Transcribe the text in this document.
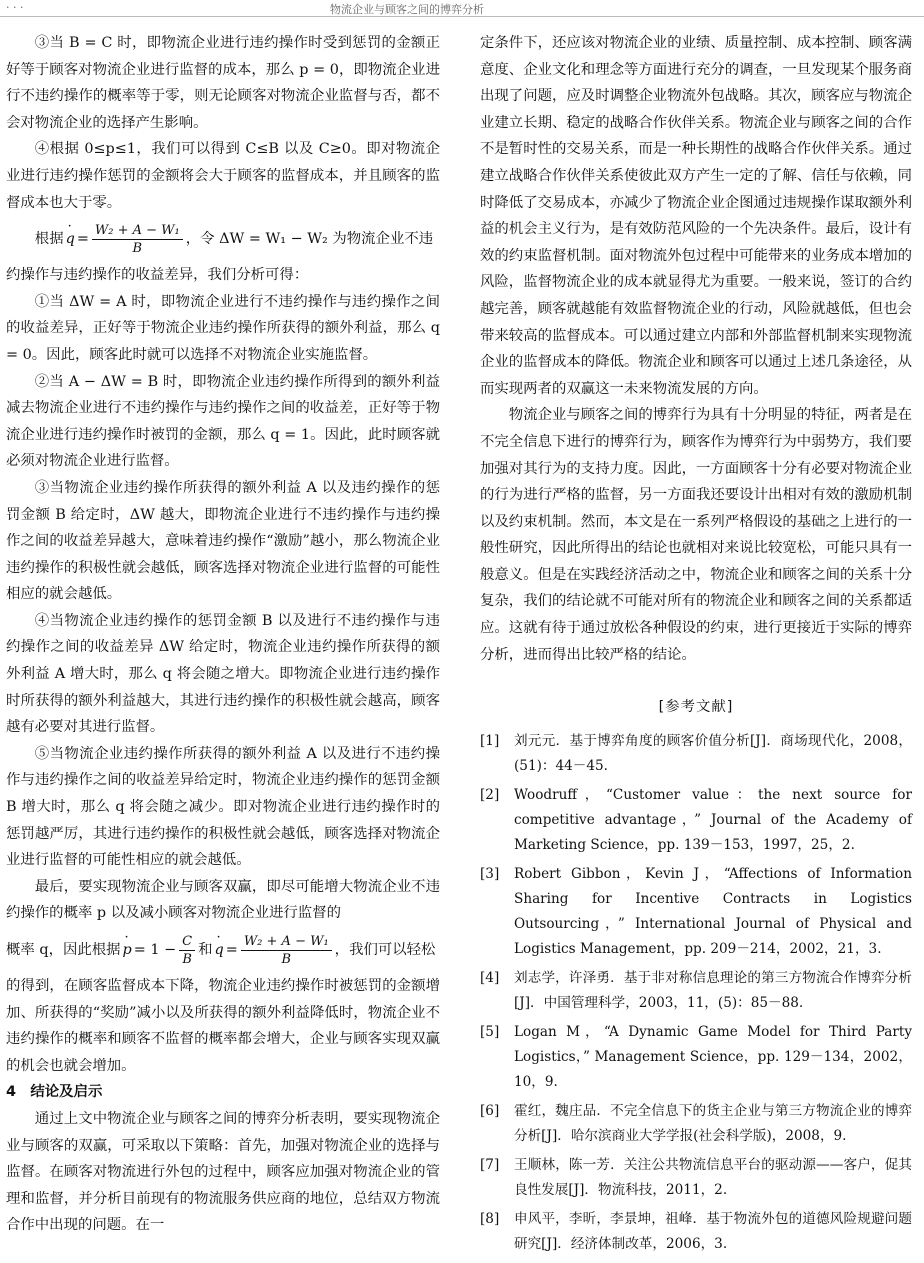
· · ·	物流企业与顾客之间的博弈分析

③当 B = C 时，即物流企业进行违约操作时受到惩罚的金额正好等于顾客对物流企业进行监督的成本，那么 p = 0，即物流企业进行不违约操作的概率等于零，则无论顾客对物流企业监督与否，都不会对物流企业的选择产生影响。

④根据 0≤p≤1，我们可以得到 C≤B 以及 C≥0。即对物流企业进行违约操作惩罚的金额将会大于顾客的监督成本，并且顾客的监督成本也大于零。

根据 · $q = \frac{\text{W₂ + A − W₁}}{B}$ ，令 ΔW = W₁ − W₂ 为物流企业不违

约操作与违约操作的收益差异，我们分析可得：

①当 ΔW = A 时，即物流企业进行不违约操作与违约操作之间的收益差异，正好等于物流企业违约操作所获得的额外利益，那么 q = 0。因此，顾客此时就可以选择不对物流企业实施监督。

②当 A − ΔW = B 时，即物流企业违约操作所得到的额外利益减去物流企业进行不违约操作与违约操作之间的收益差，正好等于物流企业进行违约操作时被罚的金额，那么 q = 1。因此，此时顾客就必须对物流企业进行监督。

③当物流企业违约操作所获得的额外利益 A 以及违约操作的惩罚金额 B 给定时，ΔW 越大，即物流企业进行不违约操作与违约操作之间的收益差异越大，意味着违约操作“激励”越小，那么物流企业违约操作的积极性就会越低，顾客选择对物流企业进行监督的可能性相应的就会越低。

④当物流企业违约操作的惩罚金额 B 以及进行不违约操作与违约操作之间的收益差异 ΔW 给定时，物流企业违约操作所获得的额外利益 A 增大时，那么 q 将会随之增大。即物流企业进行违约操作时所获得的额外利益越大，其进行违约操作的积极性就会越高，顾客越有必要对其进行监督。

⑤当物流企业违约操作所获得的额外利益 A 以及进行不违约操作与违约操作之间的收益差异给定时，物流企业违约操作的惩罚金额 B 增大时，那么 q 将会随之减少。即对物流企业进行违约操作时的惩罚越严厉，其进行违约操作的积极性就会越低，顾客选择对物流企业进行监督的可能性相应的就会越低。

最后，要实现物流企业与顾客双赢，即尽可能增大物流企业不违约操作的概率 p 以及减小顾客对物流企业进行监督的

概率 q，因此根据 · $p = 1 - \frac{C}{B}$ 和 · $q = \frac{\text{W₂ + A − W₁}}{B}$ ，我们可以轻松

的得到，在顾客监督成本下降，物流企业违约操作时被惩罚的金额增加、所获得的“奖励”减小以及所获得的额外利益降低时，物流企业不违约操作的概率和顾客不监督的概率都会增大，企业与顾客实现双赢的机会也就会增加。

4　结论及启示

通过上文中物流企业与顾客之间的博弈分析表明，要实现物流企业与顾客的双赢，可采取以下策略：首先，加强对物流企业的选择与监督。在顾客对物流进行外包的过程中，顾客应加强对物流企业的管理和监督，并分析目前现有的物流服务供应商的地位，总结双方物流合作中出现的问题。在一

定条件下，还应该对物流企业的业绩、质量控制、成本控制、顾客满意度、企业文化和理念等方面进行充分的调查，一旦发现某个服务商出现了问题，应及时调整企业物流外包战略。其次，顾客应与物流企业建立长期、稳定的战略合作伙伴关系。物流企业与顾客之间的合作不是暂时性的交易关系，而是一种长期性的战略合作伙伴关系。通过建立战略合作伙伴关系使彼此双方产生一定的了解、信任与依赖，同时降低了交易成本，亦减少了物流企业企图通过违规操作谋取额外利益的机会主义行为，是有效防范风险的一个先决条件。最后，设计有效的约束监督机制。面对物流外包过程中可能带来的业务成本增加的风险，监督物流企业的成本就显得尤为重要。一般来说，签订的合约越完善，顾客就越能有效监督物流企业的行动，风险就越低，但也会带来较高的监督成本。可以通过建立内部和外部监督机制来实现物流企业的监督成本的降低。物流企业和顾客可以通过上述几条途径，从而实现两者的双赢这一未来物流发展的方向。

物流企业与顾客之间的博弈行为具有十分明显的特征，两者是在不完全信息下进行的博弈行为，顾客作为博弈行为中弱势方，我们要加强对其行为的支持力度。因此，一方面顾客十分有必要对物流企业的行为进行严格的监督，另一方面我还要设计出相对有效的激励机制以及约束机制。然而，本文是在一系列严格假设的基础之上进行的一般性研究，因此所得出的结论也就相对来说比较宽松，可能只具有一般意义。但是在实践经济活动之中，物流企业和顾客之间的关系十分复杂，我们的结论就不可能对所有的物流企业和顾客之间的关系都适应。这就有待于通过放松各种假设的约束，进行更接近于实际的博弈分析，进而得出比较严格的结论。

[参考文献]
[1]	刘元元．基于博弈角度的顾客价值分析[J]．商场现代化，2008，(51)：44－45.
[2]	Woodruff，“Customer value：the next source for competitive advantage，” Journal of the Academy of Marketing Science，pp. 139－153，1997，25，2.
[3]	Robert Gibbon，Kevin J，“Affections of Information Sharing for Incentive Contracts in Logistics Outsourcing，” International Journal of Physical and Logistics Management，pp. 209－214，2002，21，3.
[4]	刘志学，许泽勇．基于非对称信息理论的第三方物流合作博弈分析[J]．中国管理科学，2003，11，(5)：85－88.
[5]	Logan M，“A Dynamic Game Model for Third Party Logistics，” Management Science，pp. 129－134，2002，10，9.
[6]	霍红，魏庄品．不完全信息下的货主企业与第三方物流企业的博弈分析[J]．哈尔滨商业大学学报(社会科学版)，2008，9.
[7]	王顺林，陈一芳．关注公共物流信息平台的驱动源——客户，促其良性发展[J]．物流科技，2011，2.
[8]	申风平，李昕，李景坤，祖峰．基于物流外包的道德风险规避问题研究[J]．经济体制改革，2006，3.
